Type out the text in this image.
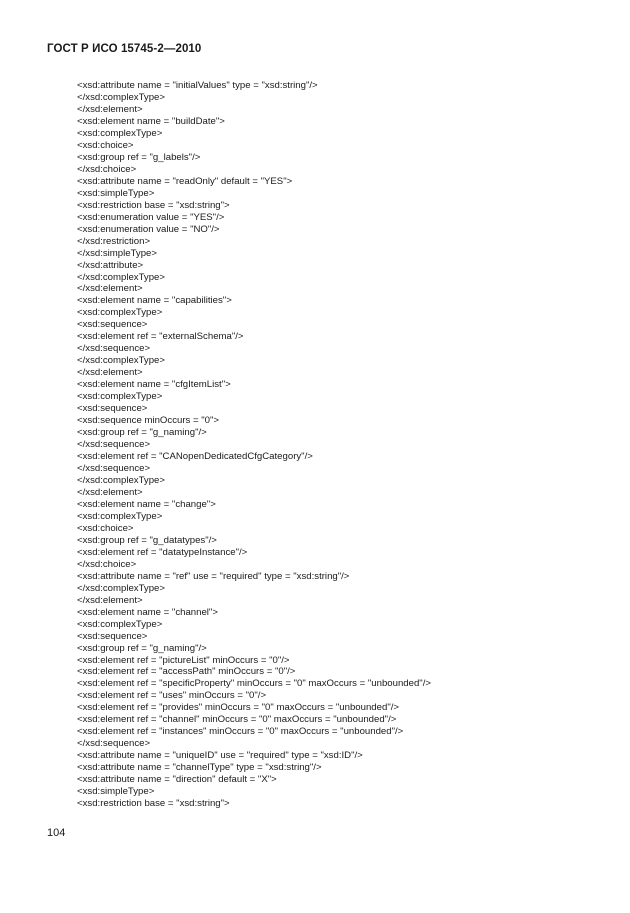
ГОСТ Р ИСО 15745-2—2010
<xsd:attribute name = "initialValues" type = "xsd:string"/>
</xsd:complexType>
</xsd:element>
<xsd:element name = "buildDate">
<xsd:complexType>
<xsd:choice>
<xsd:group ref = "g_labels"/>
</xsd:choice>
<xsd:attribute name = "readOnly" default = "YES">
<xsd:simpleType>
<xsd:restriction base = "xsd:string">
<xsd:enumeration value = "YES"/>
<xsd:enumeration value = "NO"/>
</xsd:restriction>
</xsd:simpleType>
</xsd:attribute>
</xsd:complexType>
</xsd:element>
<xsd:element name = "capabilities">
<xsd:complexType>
<xsd:sequence>
<xsd:element ref = "externalSchema"/>
</xsd:sequence>
</xsd:complexType>
</xsd:element>
<xsd:element name = "cfgItemList">
<xsd:complexType>
<xsd:sequence>
<xsd:sequence minOccurs = "0">
<xsd:group ref = "g_naming"/>
</xsd:sequence>
<xsd:element ref = "CANopenDedicatedCfgCategory"/>
</xsd:sequence>
</xsd:complexType>
</xsd:element>
<xsd:element name = "change">
<xsd:complexType>
<xsd:choice>
<xsd:group ref = "g_datatypes"/>
<xsd:element ref = "datatypeInstance"/>
</xsd:choice>
<xsd:attribute name = "ref" use = "required" type = "xsd:string"/>
</xsd:complexType>
</xsd:element>
<xsd:element name = "channel">
<xsd:complexType>
<xsd:sequence>
<xsd:group ref = "g_naming"/>
<xsd:element ref = "pictureList" minOccurs = "0"/>
<xsd:element ref = "accessPath" minOccurs = "0"/>
<xsd:element ref = "specificProperty" minOccurs = "0" maxOccurs = "unbounded"/>
<xsd:element ref = "uses" minOccurs = "0"/>
<xsd:element ref = "provides" minOccurs = "0" maxOccurs = "unbounded"/>
<xsd:element ref = "channel" minOccurs = "0" maxOccurs = "unbounded"/>
<xsd:element ref = "instances" minOccurs = "0" maxOccurs = "unbounded"/>
</xsd:sequence>
<xsd:attribute name = "uniqueID" use = "required" type = "xsd:ID"/>
<xsd:attribute name = "channelType" type = "xsd:string"/>
<xsd:attribute name = "direction" default = "X">
<xsd:simpleType>
<xsd:restriction base = "xsd:string">
104
